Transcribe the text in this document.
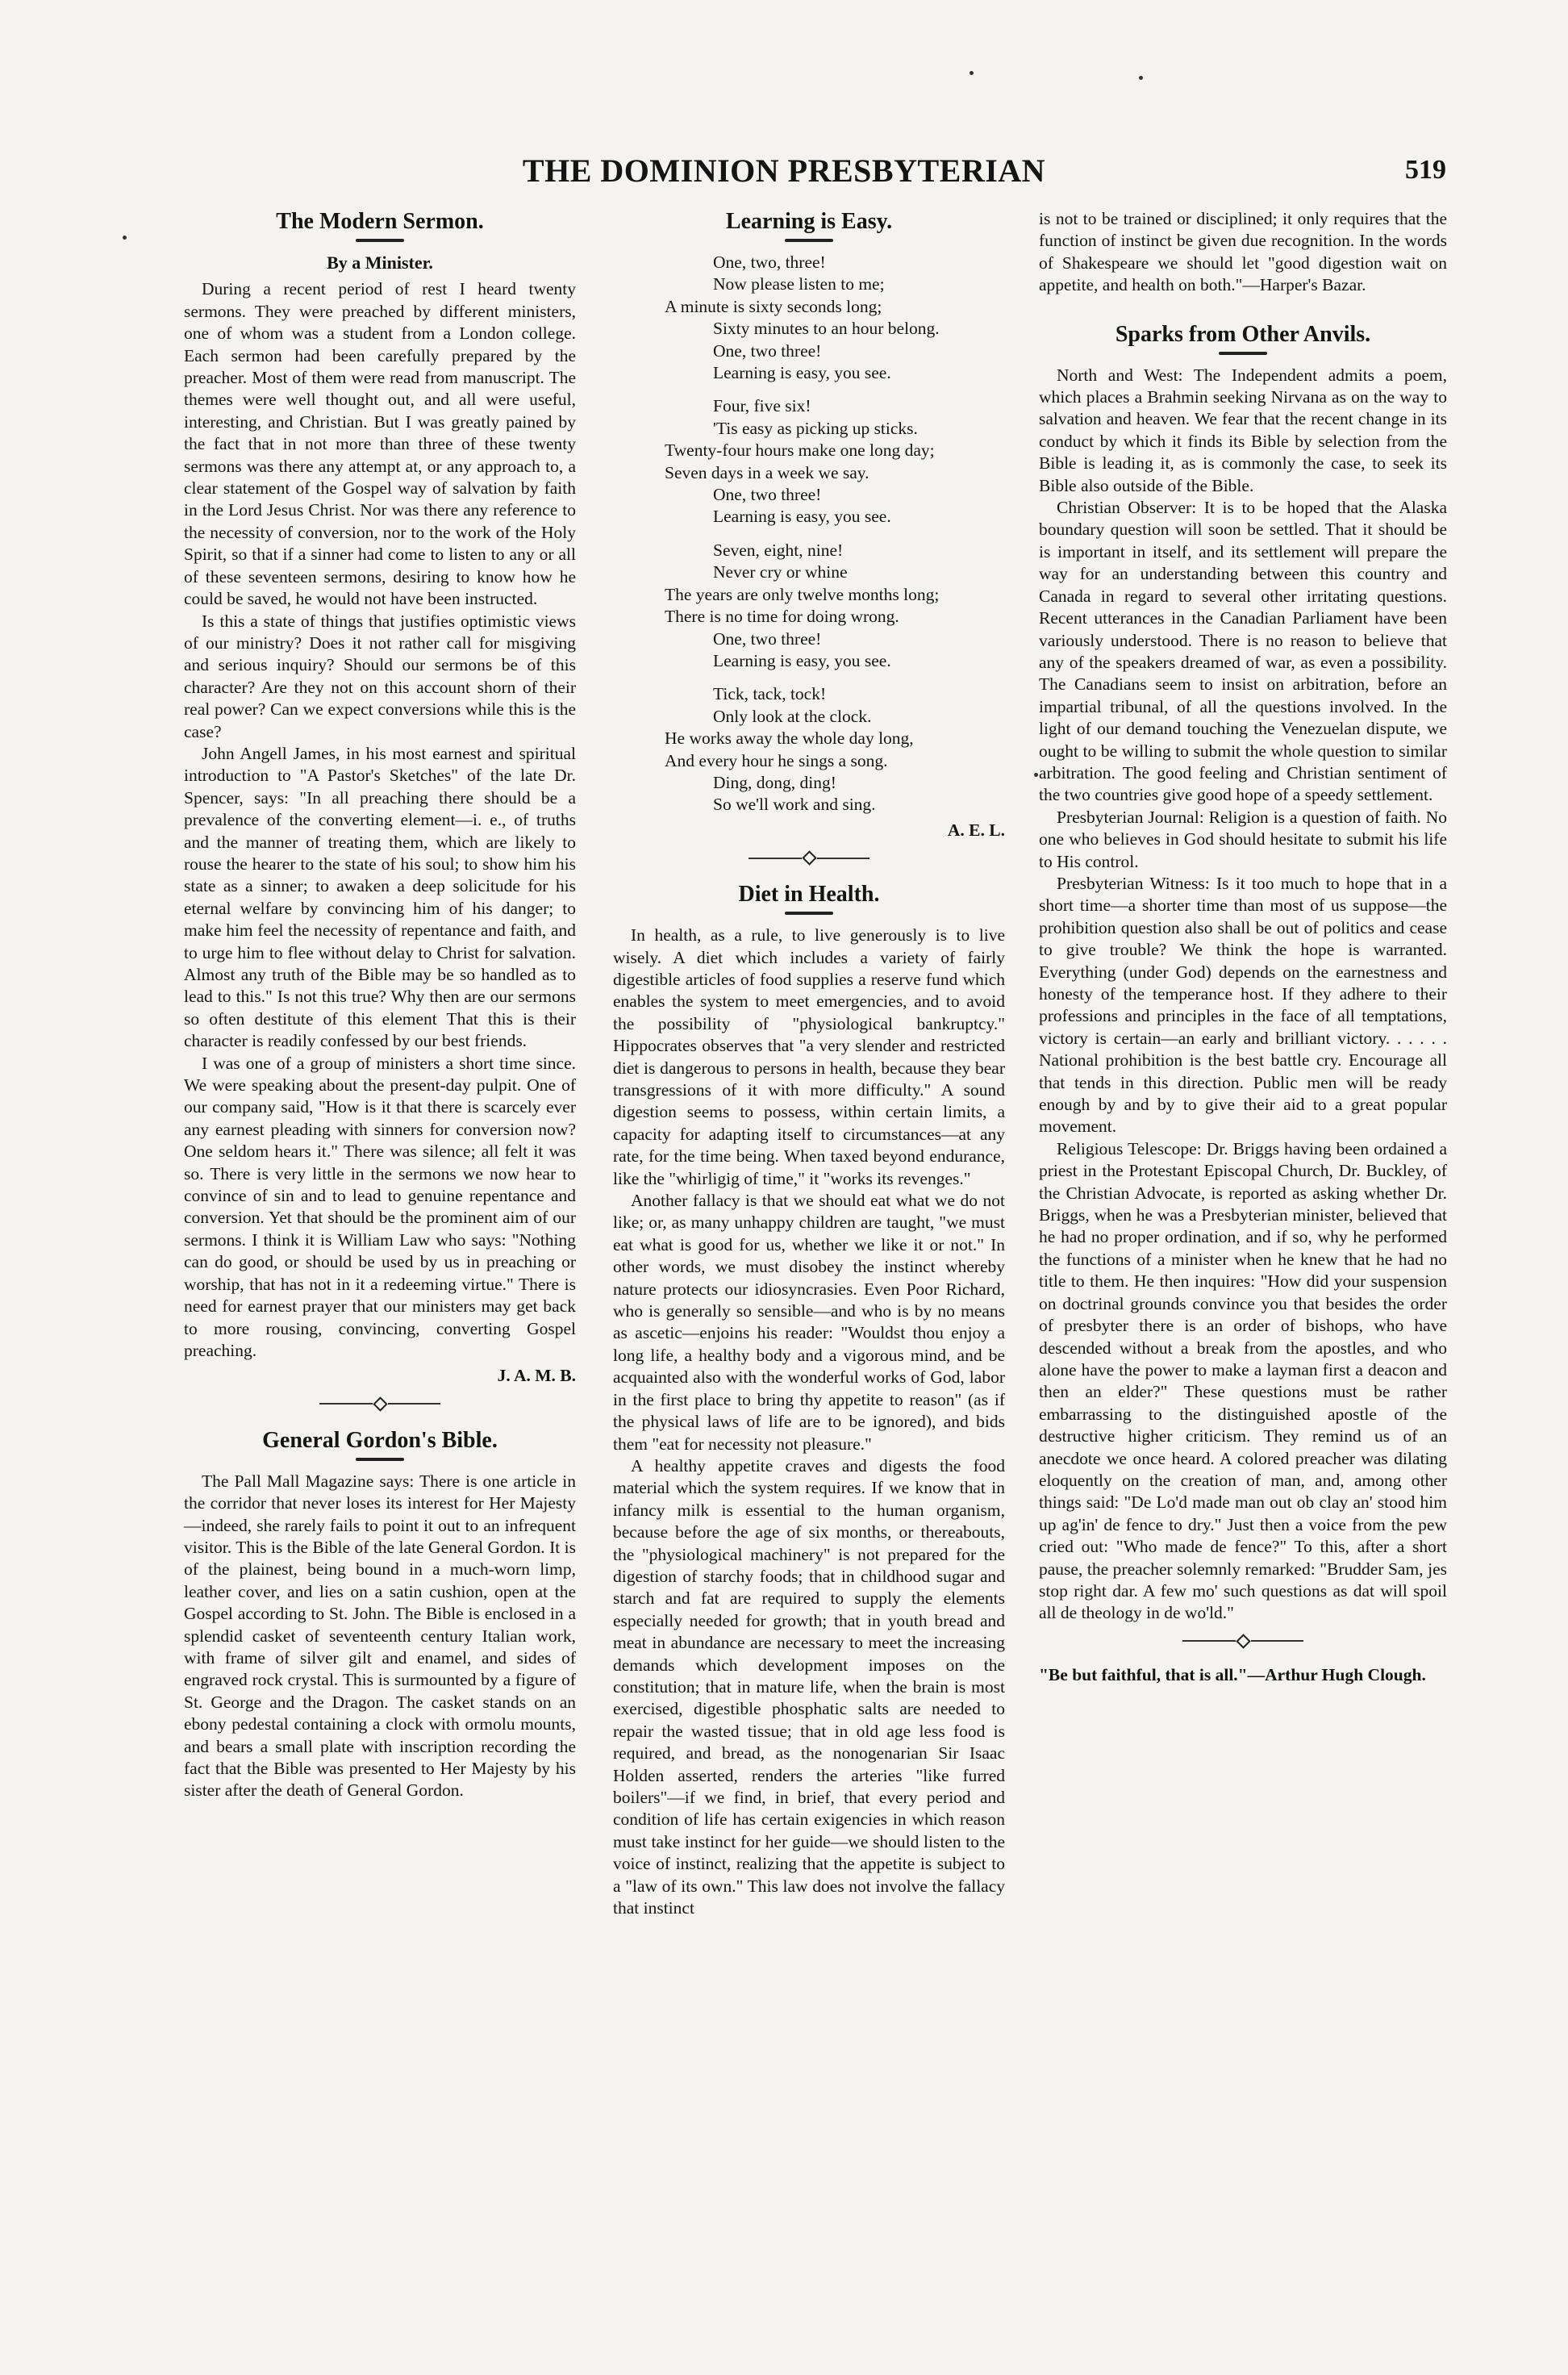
THE DOMINION PRESBYTERIAN	519
The Modern Sermon.
By a Minister.

During a recent period of rest I heard twenty sermons. They were preached by different ministers, one of whom was a student from a London college. Each sermon had been carefully prepared by the preacher. Most of them were read from manuscript. The themes were well thought out, and all were useful, interesting, and Christian. But I was greatly pained by the fact that in not more than three of these twenty sermons was there any attempt at, or any approach to, a clear statement of the Gospel way of salvation by faith in the Lord Jesus Christ. Nor was there any reference to the necessity of conversion, nor to the work of the Holy Spirit, so that if a sinner had come to listen to any or all of these seventeen sermons, desiring to know how he could be saved, he would not have been instructed.

Is this a state of things that justifies optimistic views of our ministry? Does it not rather call for misgiving and serious inquiry? Should our sermons be of this character? Are they not on this account shorn of their real power? Can we expect conversions while this is the case?

John Angell James, in his most earnest and spiritual introduction to "A Pastor's Sketches" of the late Dr. Spencer, says: "In all preaching there should be a prevalence of the converting element—i. e., of truths and the manner of treating them, which are likely to rouse the hearer to the state of his soul; to show him his state as a sinner; to awaken a deep solicitude for his eternal welfare by convincing him of his danger; to make him feel the necessity of repentance and faith, and to urge him to flee without delay to Christ for salvation. Almost any truth of the Bible may be so handled as to lead to this." Is not this true? Why then are our sermons so often destitute of this element That this is their character is readily confessed by our best friends.

I was one of a group of ministers a short time since. We were speaking about the present-day pulpit. One of our company said, "How is it that there is scarcely ever any earnest pleading with sinners for conversion now? One seldom hears it." There was silence; all felt it was so. There is very little in the sermons we now hear to convince of sin and to lead to genuine repentance and conversion. Yet that should be the prominent aim of our sermons. I think it is William Law who says: "Nothing can do good, or should be used by us in preaching or worship, that has not in it a redeeming virtue." There is need for earnest prayer that our ministers may get back to more rousing, convincing, converting Gospel preaching.

J. A. M. B.
General Gordon's Bible.

The Pall Mall Magazine says: There is one article in the corridor that never loses its interest for Her Majesty—indeed, she rarely fails to point it out to an infrequent visitor. This is the Bible of the late General Gordon. It is of the plainest, being bound in a much-worn limp, leather cover, and lies on a satin cushion, open at the Gospel according to St. John. The Bible is enclosed in a splendid casket of seventeenth century Italian work, with frame of silver gilt and enamel, and sides of engraved rock crystal. This is surmounted by a figure of St. George and the Dragon. The casket stands on an ebony pedestal containing a clock with ormolu mounts, and bears a small plate with inscription recording the fact that the Bible was presented to Her Majesty by his sister after the death of General Gordon.

Learning is Easy.
One, two, three!
Now please listen to me;
A minute is sixty seconds long;
Sixty minutes to an hour belong.
One, two three!
Learning is easy, you see.
Four, five six!
'Tis easy as picking up sticks.
Twenty-four hours make one long day;
Seven days in a week we say.
One, two three!
Learning is easy, you see.
Seven, eight, nine!
Never cry or whine
The years are only twelve months long;
There is no time for doing wrong.
One, two three!
Learning is easy, you see.
Tick, tack, tock!
Only look at the clock.
He works away the whole day long,
And every hour he sings a song.
Ding, dong, ding!
So we'll work and sing.
A. E. L.
Diet in Health.

In health, as a rule, to live generously is to live wisely. A diet which includes a variety of fairly digestible articles of food supplies a reserve fund which enables the system to meet emergencies, and to avoid the possibility of "physiological bankruptcy." Hippocrates observes that "a very slender and restricted diet is dangerous to persons in health, because they bear transgressions of it with more difficulty." A sound digestion seems to possess, within certain limits, a capacity for adapting itself to circumstances—at any rate, for the time being. When taxed beyond endurance, like the "whirligig of time," it "works its revenges."

Another fallacy is that we should eat what we do not like; or, as many unhappy children are taught, "we must eat what is good for us, whether we like it or not." In other words, we must disobey the instinct whereby nature protects our idiosyncrasies. Even Poor Richard, who is generally so sensible—and who is by no means as ascetic—enjoins his reader: "Wouldst thou enjoy a long life, a healthy body and a vigorous mind, and be acquainted also with the wonderful works of God, labor in the first place to bring thy appetite to reason" (as if the physical laws of life are to be ignored), and bids them "eat for necessity not pleasure."

A healthy appetite craves and digests the food material which the system requires. If we know that in infancy milk is essential to the human organism, because before the age of six months, or thereabouts, the "physiological machinery" is not prepared for the digestion of starchy foods; that in childhood sugar and starch and fat are required to supply the elements especially needed for growth; that in youth bread and meat in abundance are necessary to meet the increasing demands which development imposes on the constitution; that in mature life, when the brain is most exercised, digestible phosphatic salts are needed to repair the wasted tissue; that in old age less food is required, and bread, as the nonogenarian Sir Isaac Holden asserted, renders the arteries "like furred boilers"—if we find, in brief, that every period and condition of life has certain exigencies in which reason must take instinct for her guide—we should listen to the voice of instinct, realizing that the appetite is subject to a "law of its own." This law does not involve the fallacy that instinct

is not to be trained or disciplined; it only requires that the function of instinct be given due recognition. In the words of Shakespeare we should let "good digestion wait on appetite, and health on both."—Harper's Bazar.

Sparks from Other Anvils.

North and West: The Independent admits a poem, which places a Brahmin seeking Nirvana as on the way to salvation and heaven. We fear that the recent change in its conduct by which it finds its Bible by selection from the Bible is leading it, as is commonly the case, to seek its Bible also outside of the Bible.

Christian Observer: It is to be hoped that the Alaska boundary question will soon be settled. That it should be is important in itself, and its settlement will prepare the way for an understanding between this country and Canada in regard to several other irritating questions. Recent utterances in the Canadian Parliament have been variously understood. There is no reason to believe that any of the speakers dreamed of war, as even a possibility. The Canadians seem to insist on arbitration, before an impartial tribunal, of all the questions involved. In the light of our demand touching the Venezuelan dispute, we ought to be willing to submit the whole question to similar arbitration. The good feeling and Christian sentiment of the two countries give good hope of a speedy settlement.

Presbyterian Journal: Religion is a question of faith. No one who believes in God should hesitate to submit his life to His control.

Presbyterian Witness: Is it too much to hope that in a short time—a shorter time than most of us suppose—the prohibition question also shall be out of politics and cease to give trouble? We think the hope is warranted. Everything (under God) depends on the earnestness and honesty of the temperance host. If they adhere to their professions and principles in the face of all temptations, victory is certain—an early and brilliant victory. . . . . . National prohibition is the best battle cry. Encourage all that tends in this direction. Public men will be ready enough by and by to give their aid to a great popular movement.

Religious Telescope: Dr. Briggs having been ordained a priest in the Protestant Episcopal Church, Dr. Buckley, of the Christian Advocate, is reported as asking whether Dr. Briggs, when he was a Presbyterian minister, believed that he had no proper ordination, and if so, why he performed the functions of a minister when he knew that he had no title to them. He then inquires: "How did your suspension on doctrinal grounds convince you that besides the order of presbyter there is an order of bishops, who have descended without a break from the apostles, and who alone have the power to make a layman first a deacon and then an elder?" These questions must be rather embarrassing to the distinguished apostle of the destructive higher criticism. They remind us of an anecdote we once heard. A colored preacher was dilating eloquently on the creation of man, and, among other things said: "De Lo'd made man out ob clay an' stood him up ag'in' de fence to dry." Just then a voice from the pew cried out: "Who made de fence?" To this, after a short pause, the preacher solemnly remarked: "Brudder Sam, jes stop right dar. A few mo' such questions as dat will spoil all de theology in de wo'ld."

"Be but faithful, that is all."—Arthur Hugh Clough.
